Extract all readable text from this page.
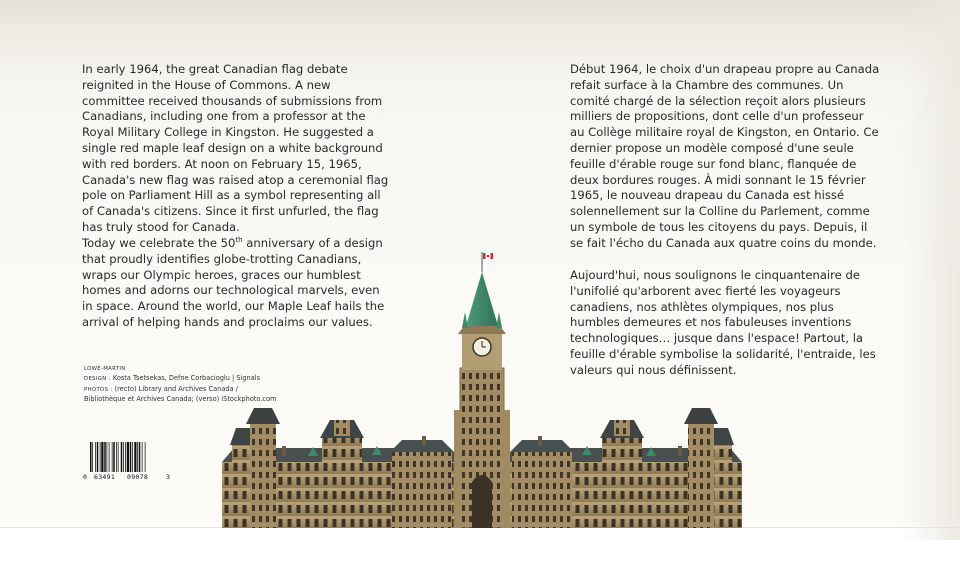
In early 1964, the great Canadian flag debate reignited in the House of Commons. A new committee received thousands of submissions from Canadians, including one from a professor at the Royal Military College in Kingston. He suggested a single red maple leaf design on a white background with red borders. At noon on February 15, 1965, Canada's new flag was raised atop a ceremonial flag pole on Parliament Hill as a symbol representing all of Canada's citizens. Since it first unfurled, the flag has truly stood for Canada.

Today we celebrate the 50th anniversary of a design that proudly identifies globe-trotting Canadians, wraps our Olympic heroes, graces our humblest homes and adorns our technological marvels, even in space. Around the world, our Maple Leaf hails the arrival of helping hands and proclaims our values.

Début 1964, le choix d'un drapeau propre au Canada refait surface à la Chambre des communes. Un comité chargé de la sélection reçoit alors plusieurs milliers de propositions, dont celle d'un professeur au Collège militaire royal de Kingston, en Ontario. Ce dernier propose un modèle composé d'une seule feuille d'érable rouge sur fond blanc, flanquée de deux bordures rouges. À midi sonnant le 15 février 1965, le nouveau drapeau du Canada est hissé solennellement sur la Colline du Parlement, comme un symbole de tous les citoyens du pays. Depuis, il se fait l'écho du Canada aux quatre coins du monde.

Aujourd'hui, nous soulignons le cinquantenaire de l'unifolié qu'arborent avec fierté les voyageurs canadiens, nos athlètes olympiques, nos plus humbles demeures et nos fabuleuses inventions technologiques… jusque dans l'espace! Partout, la feuille d'érable symbolise la solidarité, l'entraide, les valeurs qui nous définissent.

LOWE-MARTIN
DESIGN : Kosta Tsetsekas, Defne Corbacioglu | Signals
PHOTOS : (recto) Library and Archives Canada /
Bibliothèque et Archives Canada; (verso) iStockphoto.com
0 63491 09078	3
